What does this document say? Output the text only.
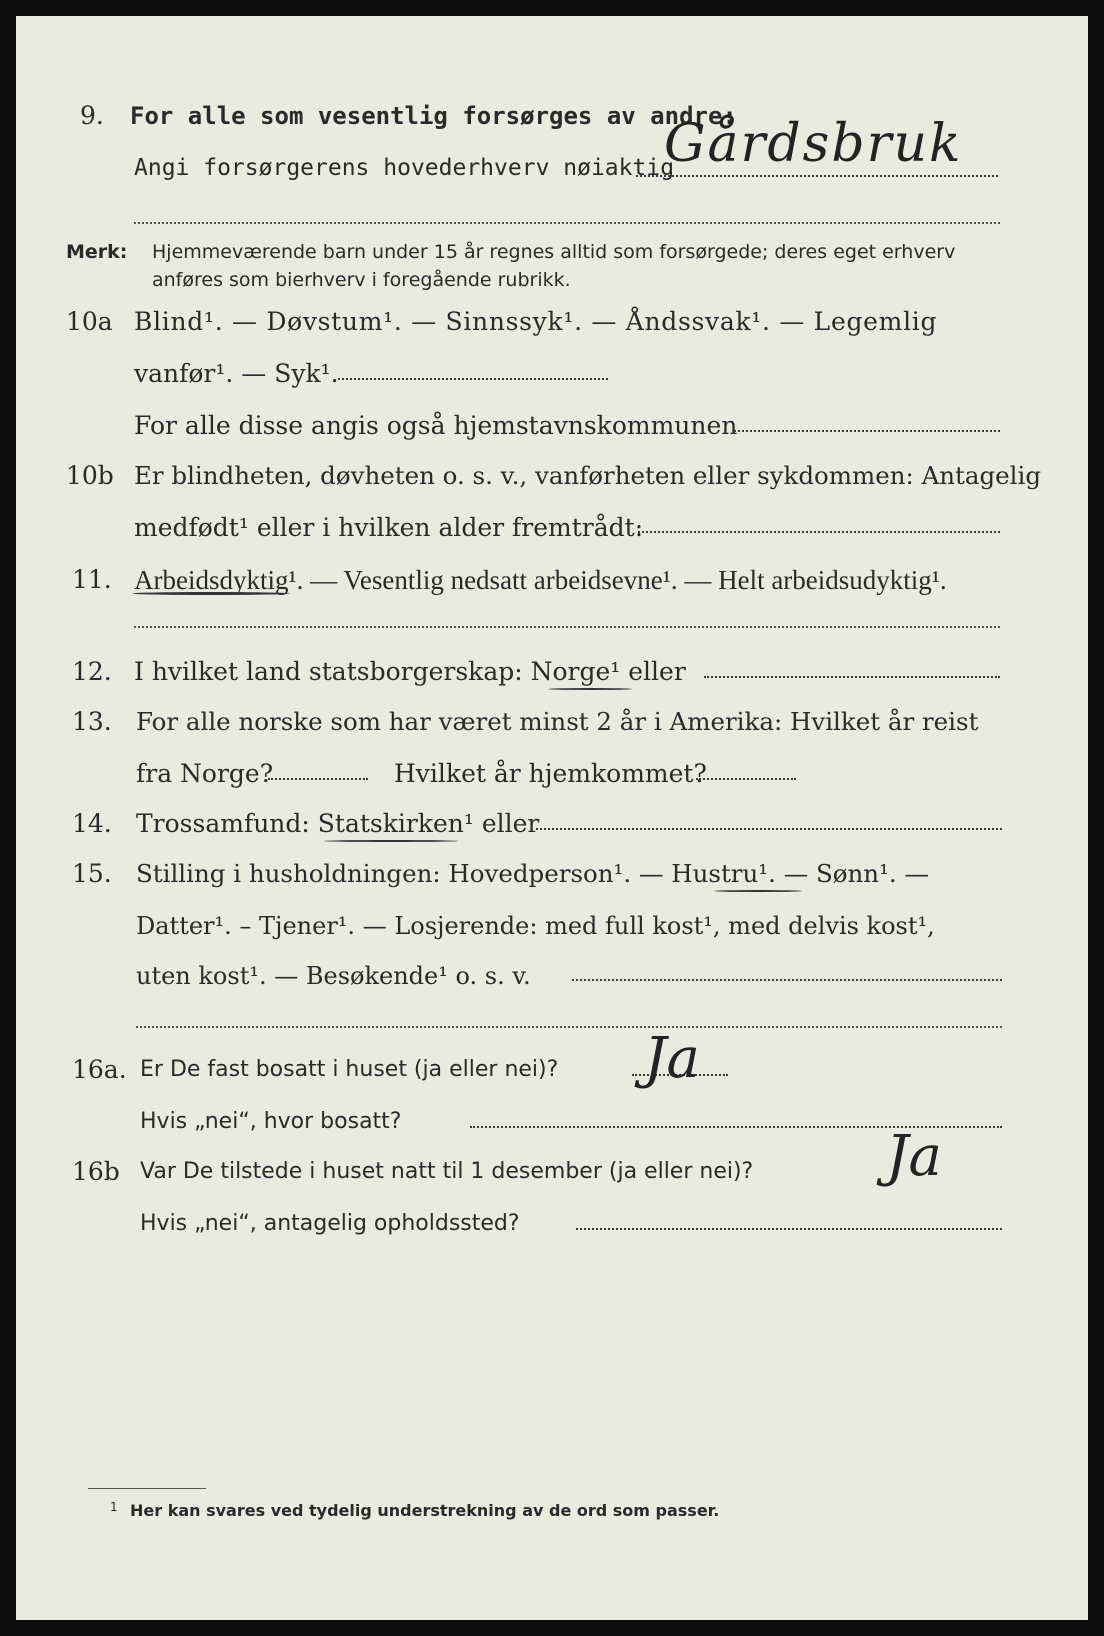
9. For alle som vesentlig forsørges av andre:
Angi forsørgerens hovederhverv nøiaktig
Gårdsbruk
Merk: Hjemmeværende barn under 15 år regnes alltid som forsørgede; deres eget erhverv
anføres som bierhverv i foregående rubrikk.
10a Blind¹. — Døvstum¹. — Sinnssyk¹. — Åndssvak¹. — Legemlig
vanfør¹. — Syk¹.
For alle disse angis også hjemstavnskommunen
10b Er blindheten, døvheten o. s. v., vanførheten eller sykdommen: Antagelig
medfødt¹ eller i hvilken alder fremtrådt:
11. Arbeidsdyktig¹. — Vesentlig nedsatt arbeidsevne¹. — Helt arbeidsudyktig¹.
12. I hvilket land statsborgerskap: Norge¹ eller
13. For alle norske som har været minst 2 år i Amerika: Hvilket år reist
fra Norge?	Hvilket år hjemkommet?
14. Trossamfund: Statskirken¹ eller
15. Stilling i husholdningen: Hovedperson¹. — Hustru¹. — Sønn¹. —
Datter¹. – Tjener¹. — Losjerende: med full kost¹, med delvis kost¹,
uten kost¹. — Besøkende¹ o. s. v.
16a. Er De fast bosatt i huset (ja eller nei)? Ja
Hvis „nei“, hvor bosatt?
16b Var De tilstede i huset natt til 1 desember (ja eller nei)? Ja
Hvis „nei“, antagelig opholdssted?
1 Her kan svares ved tydelig understrekning av de ord som passer.
